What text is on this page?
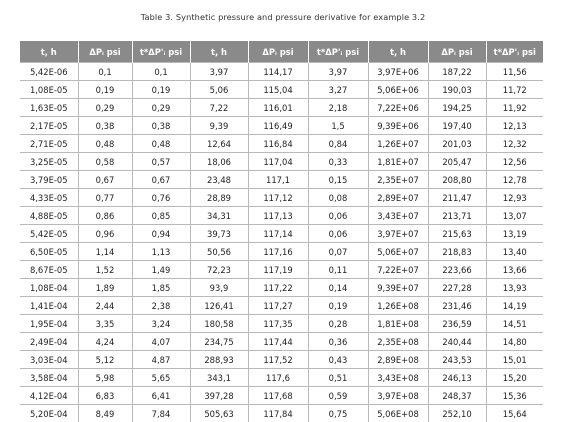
Table 3. Synthetic pressure and pressure derivative for example 3.2
t, h	ΔPᵢ psi	t*ΔP'ᵢ psi	t, h	ΔPᵢ psi	t*ΔP'ᵢ psi	t, h	ΔPᵢ psi	t*ΔP'ᵢ psi
5,42E-06	0,1	0,1	3,97	114,17	3,97	3,97E+06	187,22	11,56
1,08E-05	0,19	0,19	5,06	115,04	3,27	5,06E+06	190,03	11,72
1,63E-05	0,29	0,29	7,22	116,01	2,18	7,22E+06	194,25	11,92
2,17E-05	0,38	0,38	9,39	116,49	1,5	9,39E+06	197,40	12,13
2,71E-05	0,48	0,48	12,64	116,84	0,84	1,26E+07	201,03	12,32
3,25E-05	0,58	0,57	18,06	117,04	0,33	1,81E+07	205,47	12,56
3,79E-05	0,67	0,67	23,48	117,1	0,15	2,35E+07	208,80	12,78
4,33E-05	0,77	0,76	28,89	117,12	0,08	2,89E+07	211,47	12,93
4,88E-05	0,86	0,85	34,31	117,13	0,06	3,43E+07	213,71	13,07
5,42E-05	0,96	0,94	39,73	117,14	0,06	3,97E+07	215,63	13,19
6,50E-05	1,14	1,13	50,56	117,16	0,07	5,06E+07	218,83	13,40
8,67E-05	1,52	1,49	72,23	117,19	0,11	7,22E+07	223,66	13,66
1,08E-04	1,89	1,85	93,9	117,22	0,14	9,39E+07	227,28	13,93
1,41E-04	2,44	2,38	126,41	117,27	0,19	1,26E+08	231,46	14,19
1,95E-04	3,35	3,24	180,58	117,35	0,28	1,81E+08	236,59	14,51
2,49E-04	4,24	4,07	234,75	117,44	0,36	2,35E+08	240,44	14,80
3,03E-04	5,12	4,87	288,93	117,52	0,43	2,89E+08	243,53	15,01
3,58E-04	5,98	5,65	343,1	117,6	0,51	3,43E+08	246,13	15,20
4,12E-04	6,83	6,41	397,28	117,68	0,59	3,97E+08	248,37	15,36
5,20E-04	8,49	7,84	505,63	117,84	0,75	5,06E+08	252,10	15,64
